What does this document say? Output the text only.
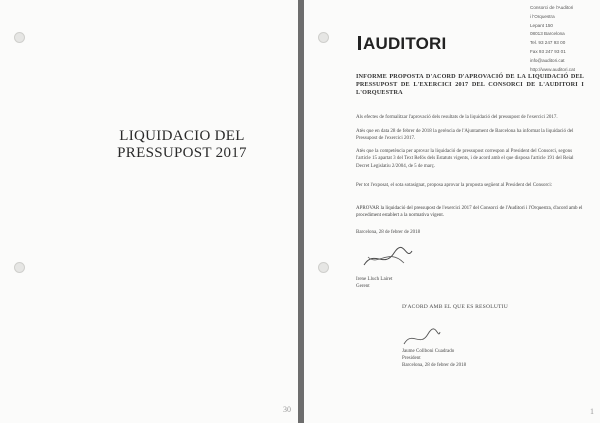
LIQUIDACIO DEL
PRESSUPOST 2017
30
AUDITORI
Consorci de l'Auditori
i l'Orquestra
Lepant 150
08013 Barcelona
Tel. 93 247 93 00
Fax 93 247 93 01
info@auditori.cat
http://www.auditori.cat
INFORME PROPOSTA D'ACORD D'APROVACIÓ DE LA LIQUIDACIÓ DEL PRESSUPOST DE L'EXERCICI 2017 DEL CONSORCI DE L'AUDITORI I L'ORQUESTRA
Als efectes de formalitzar l'aprovació dels resultats de la liquidació del pressupost de l'exercici 2017.
Atès que en data 28 de febrer de 2018 la gerència de l'Ajuntament de Barcelona ha informat la liquidació del Pressupost de l'exercici 2017.
Atès que la competència per aprovar la liquidació de pressupost correspon al President del Consorci, segons l'article 15 apartat 3 del Text Refós dels Estatuts vigents, i de acord amb el que disposa l'article 191 del Reial Decret Legislatiu 2/2004, de 5 de març.
Per tot l'exposat, el sota sotasignat, proposa aprovar la proposta següent al President del Consorci:
APROVAR la liquidació del pressupost de l'exercici 2017 del Consorci de l'Auditori i l'Orquestra, d'acord amb el procediment establert a la normativa vigent.
Barcelona, 28 de febrer de 2018
Irene Lluch Lairet
Gerent
D'ACORD AMB EL QUE ES RESOLUTIU
Jaume Collboni Cuadrado
President
Barcelona, 28 de febrer de 2018
1
